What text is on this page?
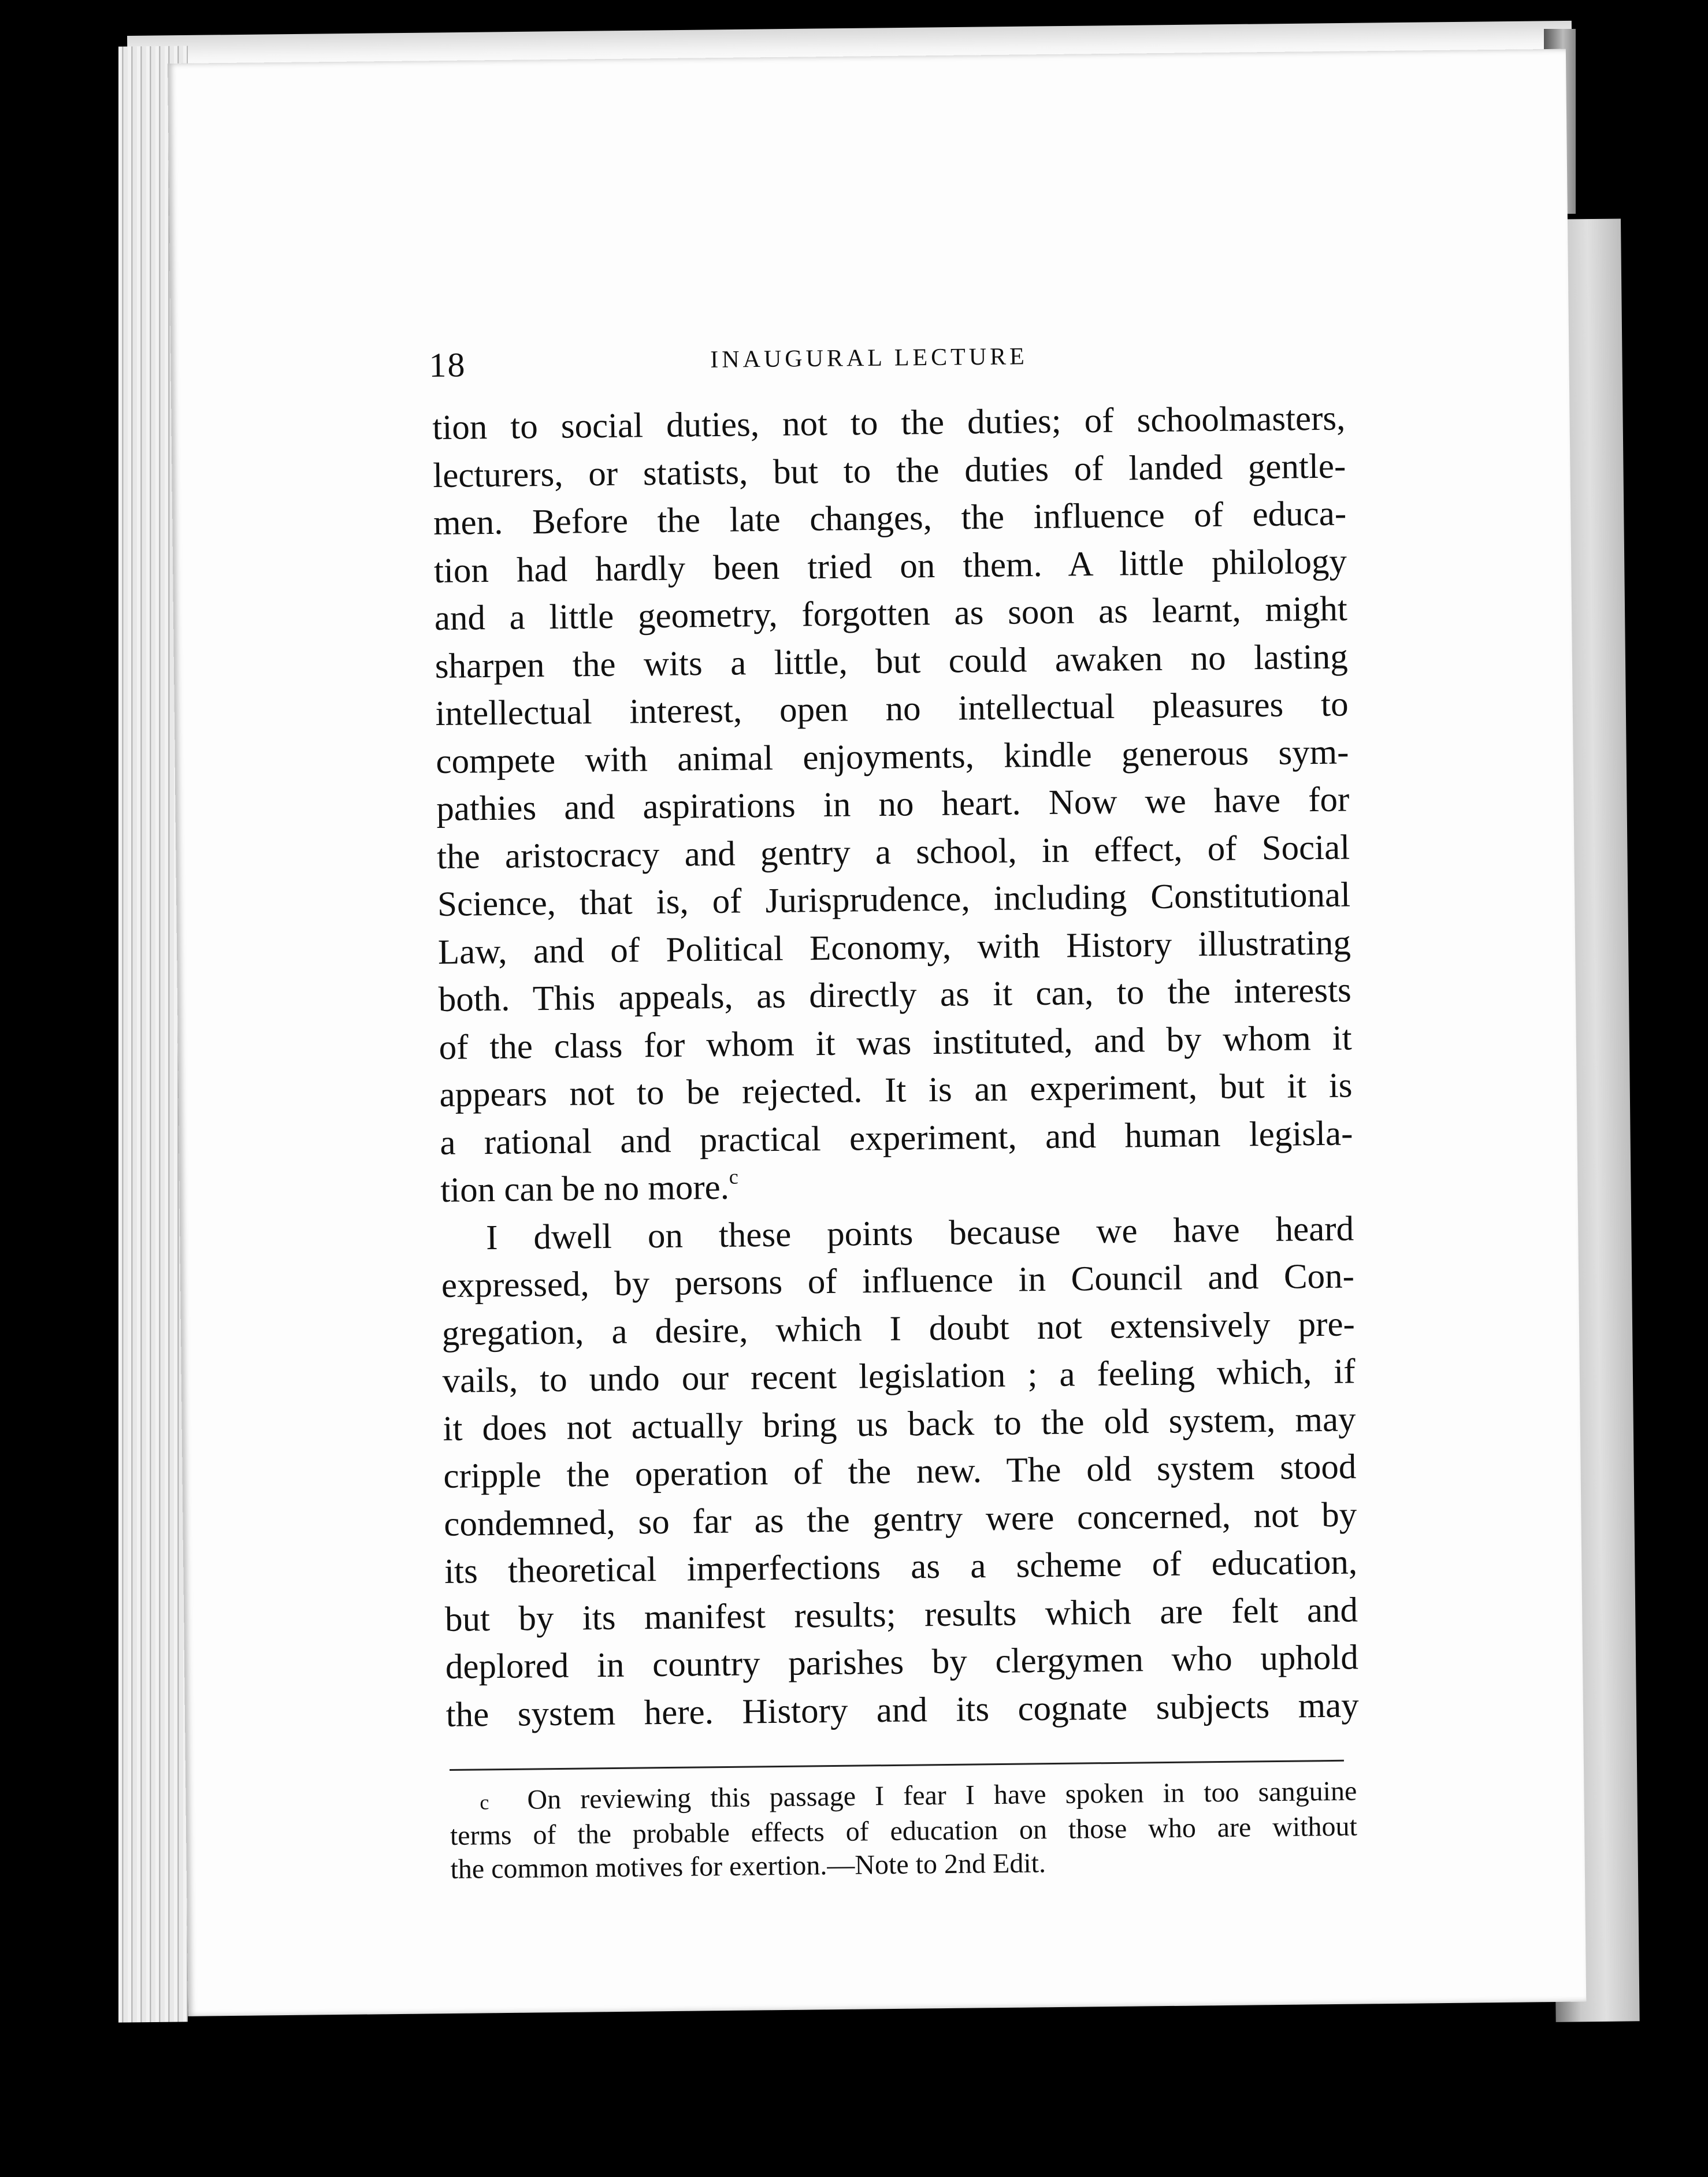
18	INAUGURAL LECTURE
tion to social duties, not to the duties; of schoolmasters,
lecturers, or statists, but to the duties of landed gentle-
men. Before the late changes, the influence of educa-
tion had hardly been tried on them. A little philology
and a little geometry, forgotten as soon as learnt, might
sharpen the wits a little, but could awaken no lasting
intellectual interest, open no intellectual pleasures to
compete with animal enjoyments, kindle generous sym-
pathies and aspirations in no heart. Now we have for
the aristocracy and gentry a school, in effect, of Social
Science, that is, of Jurisprudence, including Constitutional
Law, and of Political Economy, with History illustrating
both. This appeals, as directly as it can, to the interests
of the class for whom it was instituted, and by whom it
appears not to be rejected. It is an experiment, but it is
a rational and practical experiment, and human legisla-
tion can be no more.$^c$
I dwell on these points because we have heard
expressed, by persons of influence in Council and Con-
gregation, a desire, which I doubt not extensively pre-
vails, to undo our recent legislation ; a feeling which, if
it does not actually bring us back to the old system, may
cripple the operation of the new. The old system stood
condemned, so far as the gentry were concerned, not by
its theoretical imperfections as a scheme of education,
but by its manifest results; results which are felt and
deplored in country parishes by clergymen who uphold
the system here. History and its cognate subjects may
c On reviewing this passage I fear I have spoken in too sanguine
terms of the probable effects of education on those who are without
the common motives for exertion.—Note to 2nd Edit.
